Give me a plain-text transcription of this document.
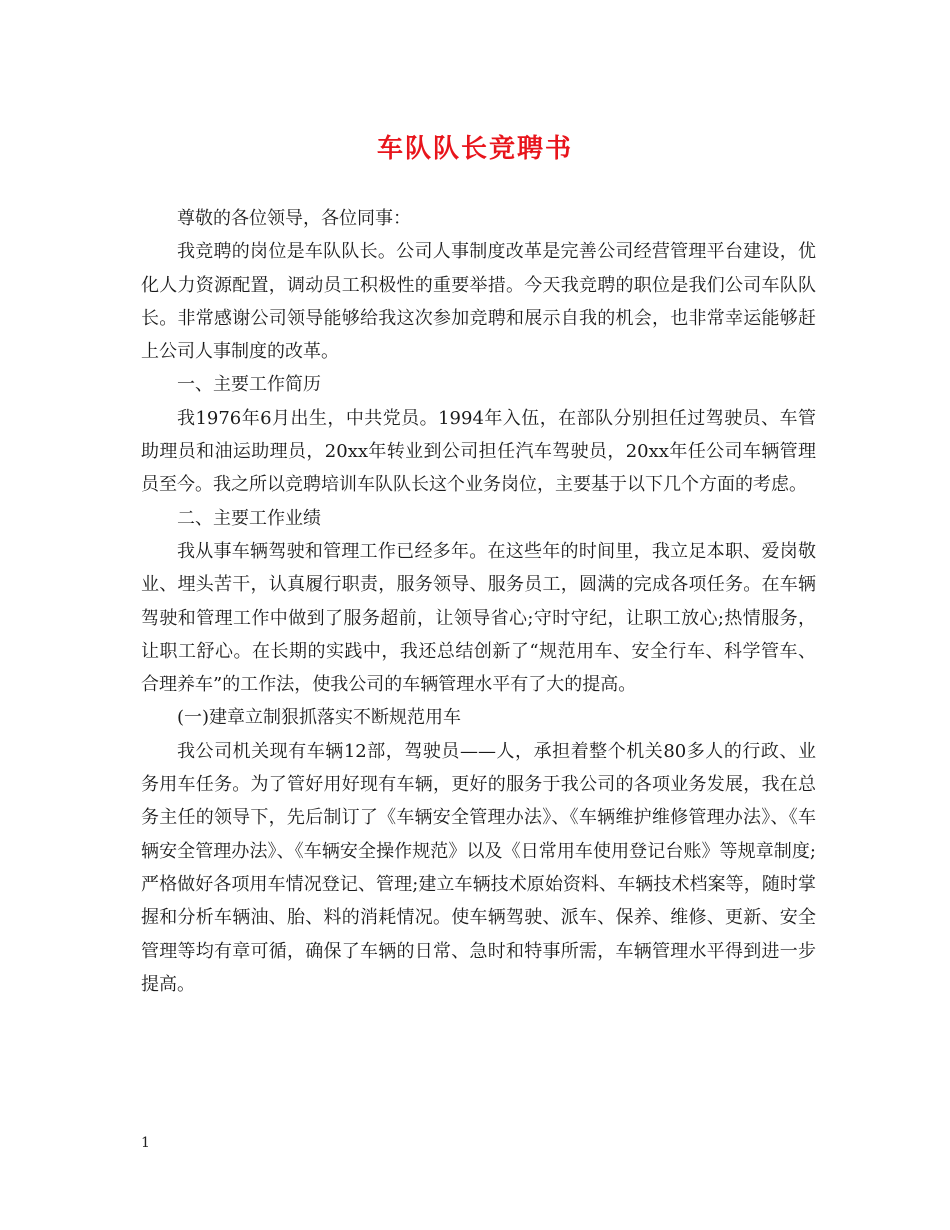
车队队长竞聘书

尊敬的各位领导，各位同事：

我竞聘的岗位是车队队长。公司人事制度改革是完善公司经营管理平台建设，优化人力资源配置，调动员工积极性的重要举措。今天我竞聘的职位是我们公司车队队长。非常感谢公司领导能够给我这次参加竞聘和展示自我的机会，也非常幸运能够赶上公司人事制度的改革。

一、主要工作简历

我1976年6月出生，中共党员。1994年入伍，在部队分别担任过驾驶员、车管助理员和油运助理员，20xx年转业到公司担任汽车驾驶员，20xx年任公司车辆管理员至今。我之所以竞聘培训车队队长这个业务岗位，主要基于以下几个方面的考虑。

二、主要工作业绩

我从事车辆驾驶和管理工作已经多年。在这些年的时间里，我立足本职、爱岗敬业、埋头苦干，认真履行职责，服务领导、服务员工，圆满的完成各项任务。在车辆驾驶和管理工作中做到了服务超前，让领导省心;守时守纪，让职工放心;热情服务，让职工舒心。在长期的实践中，我还总结创新了“规范用车、安全行车、科学管车、合理养车”的工作法，使我公司的车辆管理水平有了大的提高。

(一)建章立制狠抓落实不断规范用车

我公司机关现有车辆12部，驾驶员——人，承担着整个机关80多人的行政、业务用车任务。为了管好用好现有车辆，更好的服务于我公司的各项业务发展，我在总务主任的领导下，先后制订了《车辆安全管理办法》、《车辆维护维修管理办法》、《车辆安全管理办法》、《车辆安全操作规范》以及《日常用车使用登记台账》等规章制度;严格做好各项用车情况登记、管理;建立车辆技术原始资料、车辆技术档案等，随时掌握和分析车辆油、胎、料的消耗情况。使车辆驾驶、派车、保养、维修、更新、安全管理等均有章可循，确保了车辆的日常、急时和特事所需，车辆管理水平得到进一步提高。

1
